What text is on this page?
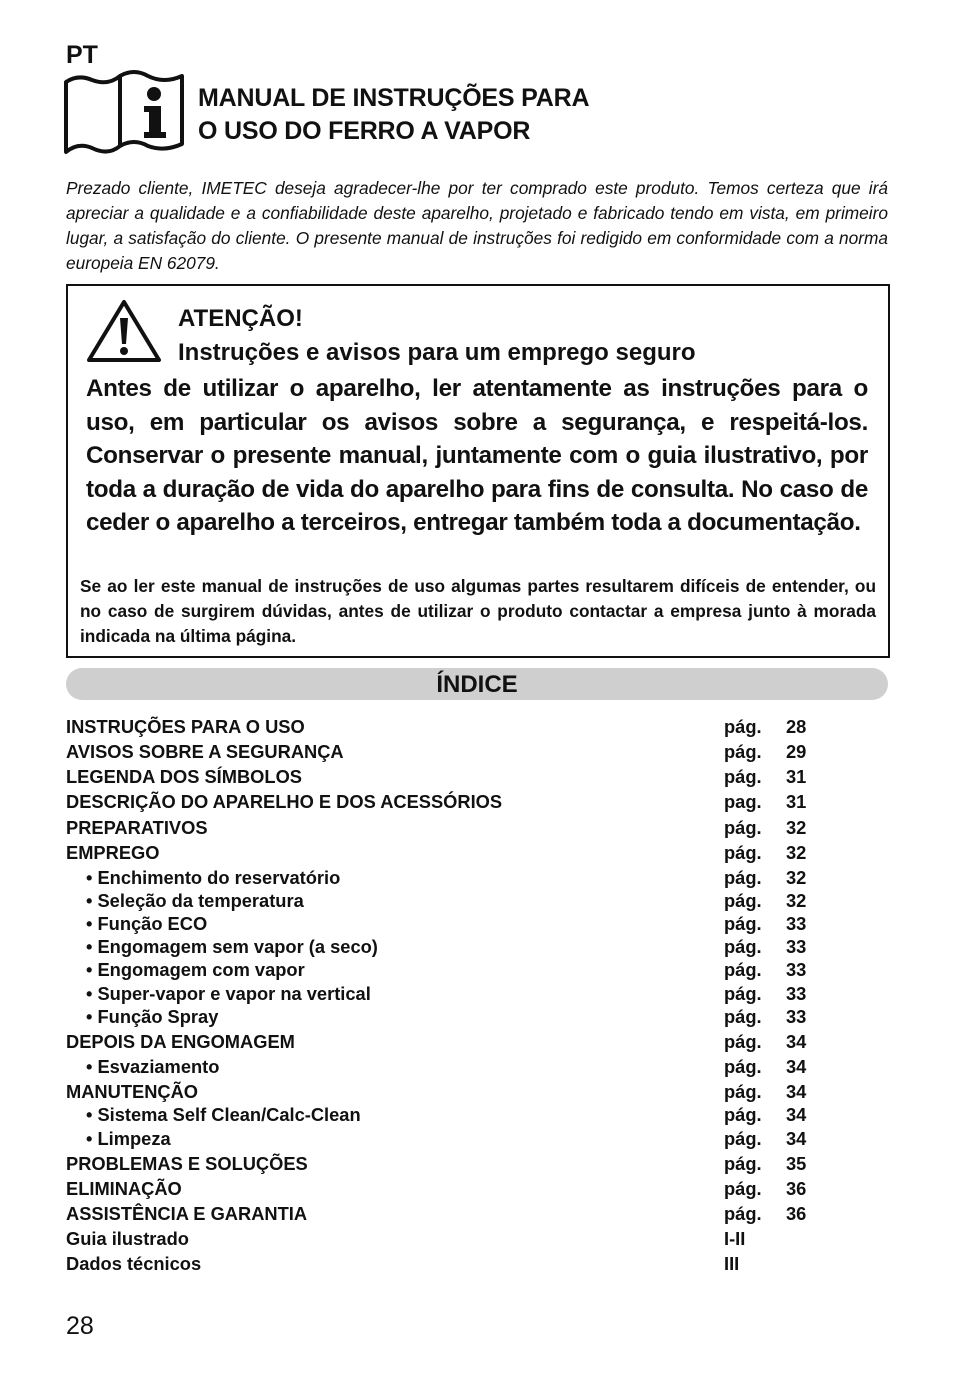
PT
MANUAL DE INSTRUÇÕES PARA
O USO DO FERRO A VAPOR
Prezado cliente, IMETEC deseja agradecer-lhe por ter comprado este produto. Temos certeza que irá apreciar a qualidade e a confiabilidade deste aparelho, projetado e fabricado tendo em vista, em primeiro lugar, a satisfação do cliente. O presente manual de instruções foi redigido em conformidade com a norma europeia EN 62079.
ATENÇÃO!
Instruções e avisos para um emprego seguro
Antes de utilizar o aparelho, ler atentamente as instruções para o uso, em particular os avisos sobre a segurança, e respeitá-los. Conservar o presente manual, juntamente com o guia ilustrativo, por toda a duração de vida do aparelho para fins de consulta. No caso de ceder o aparelho a terceiros, entregar também toda a documentação.
Se ao ler este manual de instruções de uso algumas partes resultarem difíceis de entender, ou no caso de surgirem dúvidas, antes de utilizar o produto contactar a empresa junto à morada indicada na última página.
ÍNDICE
INSTRUÇÕES PARA O USO	pág. 28
AVISOS SOBRE A SEGURANÇA	pág. 29
LEGENDA DOS SÍMBOLOS	pág. 31
DESCRIÇÃO DO APARELHO E DOS ACESSÓRIOS	pag. 31
PREPARATIVOS	pág. 32
EMPREGO	pág. 32
• Enchimento do reservatório	pág. 32
• Seleção da temperatura	pág. 32
• Função ECO	pág. 33
• Engomagem sem vapor (a seco)	pág. 33
• Engomagem com vapor	pág. 33
• Super-vapor e vapor na vertical	pág. 33
• Função Spray	pág. 33
DEPOIS DA ENGOMAGEM	pág. 34
• Esvaziamento	pág. 34
MANUTENÇÃO	pág. 34
• Sistema Self Clean/Calc-Clean	pág. 34
• Limpeza	pág. 34
PROBLEMAS E SOLUÇÕES	pág. 35
ELIMINAÇÃO	pág. 36
ASSISTÊNCIA E GARANTIA	pág. 36
Guia ilustrado	I-II
Dados técnicos	III
28
